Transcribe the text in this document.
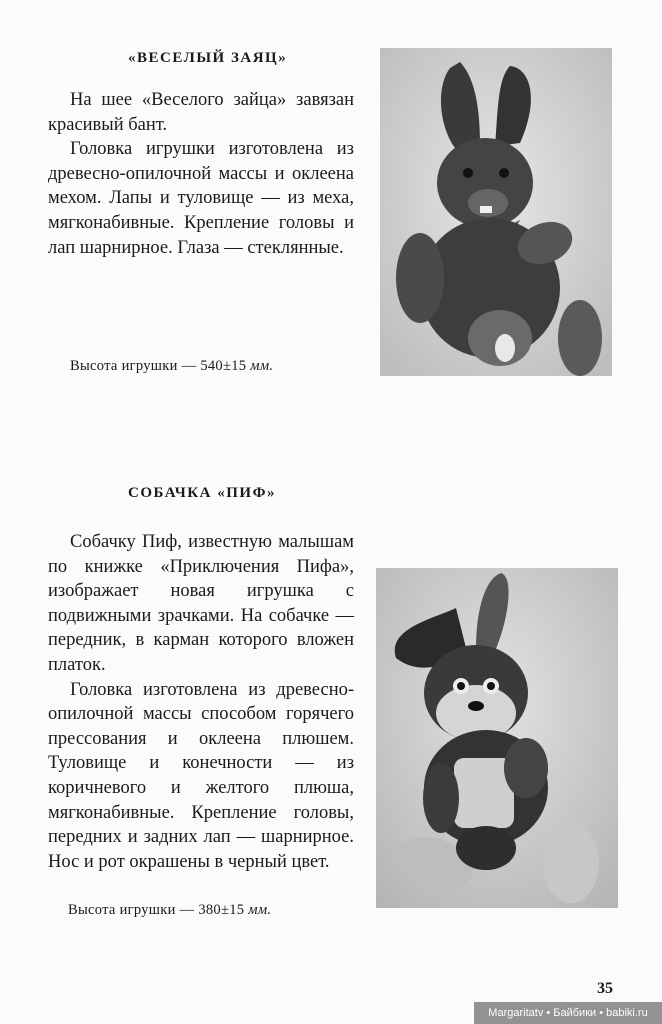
«ВЕСЕЛЫЙ ЗАЯЦ»

На шее «Веселого зайца» завязан красивый бант.

Головка игрушки изготовлена из древесно-опилочной массы и оклеена мехом. Лапы и туловище — из меха, мягконабивные. Крепление головы и лап шарнирное. Глаза — стеклянные.

Высота игрушки — 540±15 мм.
СОБАЧКА «ПИФ»

Собачку Пиф, известную малышам по книжке «Приключения Пифа», изображает новая игрушка с подвижными зрачками. На собачке — передник, в карман которого вложен платок.

Головка изготовлена из древесно-опилочной массы способом горячего прессования и оклеена плюшем. Туловище и конечности — из коричневого и желтого плюша, мягконабивные. Крепление головы, передних и задних лап — шарнирное. Нос и рот окрашены в черный цвет.

Высота игрушки — 380±15 мм.
35
Margaritatv • Байбики • babiki.ru
